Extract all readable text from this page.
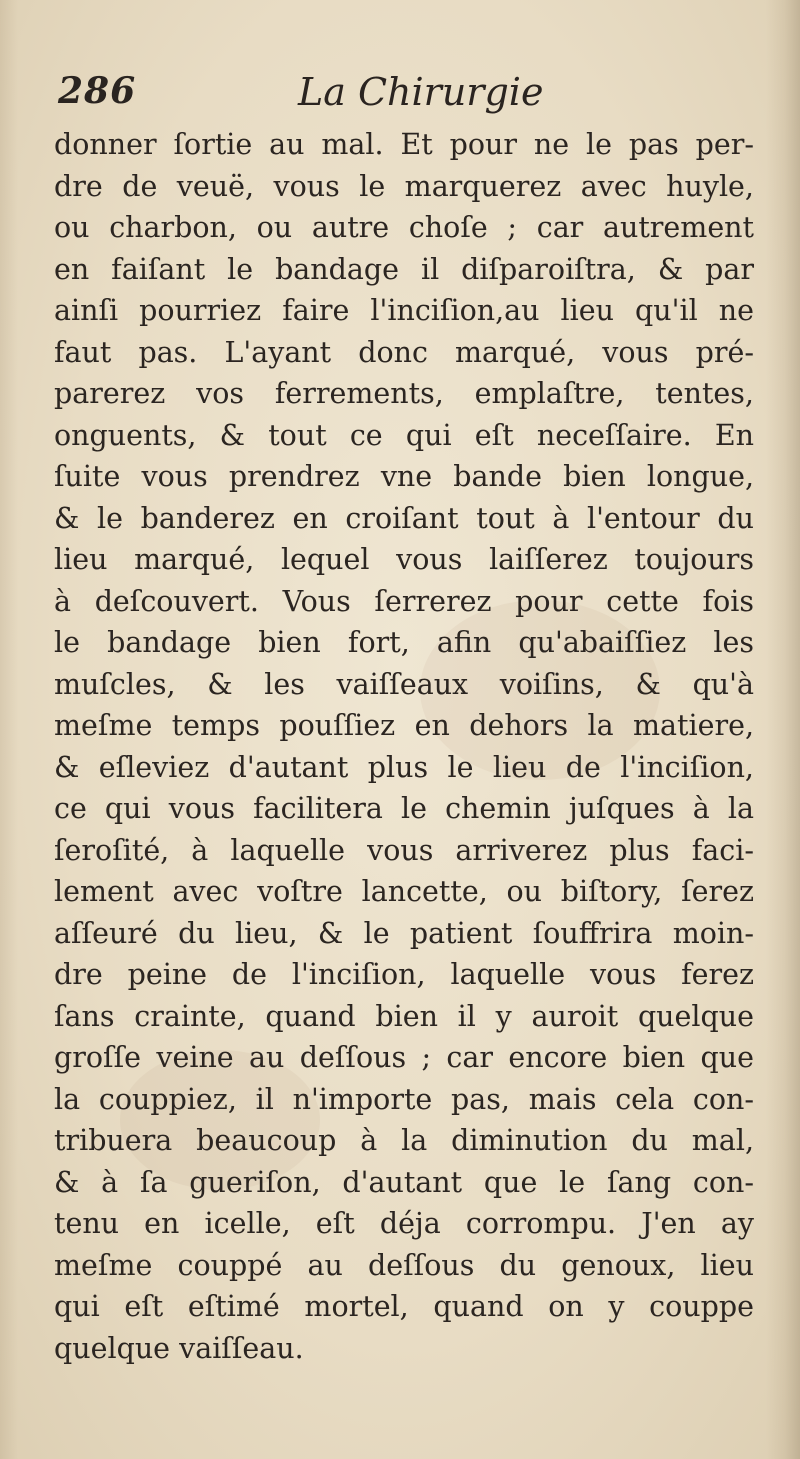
286	La Chirurgie
donner ſortie au mal. Et pour ne le pas per-
dre de veuë, vous le marquerez avec huyle,
ou charbon, ou autre choſe ; car autrement
en faiſant le bandage il diſparoiſtra, & par
ainſi pourriez faire l'inciſion,au lieu qu'il ne
faut pas. L'ayant donc marqué, vous pré-
parerez vos ferrements, emplaſtre, tentes,
onguents, & tout ce qui eſt neceſſaire. En
ſuite vous prendrez vne bande bien longue,
& le banderez en croiſant tout à l'entour du
lieu marqué, lequel vous laiſſerez toujours
à deſcouvert. Vous ſerrerez pour cette fois
le bandage bien fort, afin qu'abaiſſiez les
muſcles, & les vaiſſeaux voiſins, & qu'à
meſme temps pouſſiez en dehors la matiere,
& eſleviez d'autant plus le lieu de l'inciſion,
ce qui vous facilitera le chemin juſques à la
ſeroſité, à laquelle vous arriverez plus faci-
lement avec voſtre lancette, ou biſtory, ſerez
aſſeuré du lieu, & le patient ſouffrira moin-
dre peine de l'inciſion, laquelle vous ferez
ſans crainte, quand bien il y auroit quelque
groſſe veine au deſſous ; car encore bien que
la couppiez, il n'importe pas, mais cela con-
tribuera beaucoup à la diminution du mal,
& à ſa gueriſon, d'autant que le ſang con-
tenu en icelle, eſt déja corrompu. J'en ay
meſme couppé au deſſous du genoux, lieu
qui eſt eſtimé mortel, quand on y couppe
quelque vaiſſeau.
